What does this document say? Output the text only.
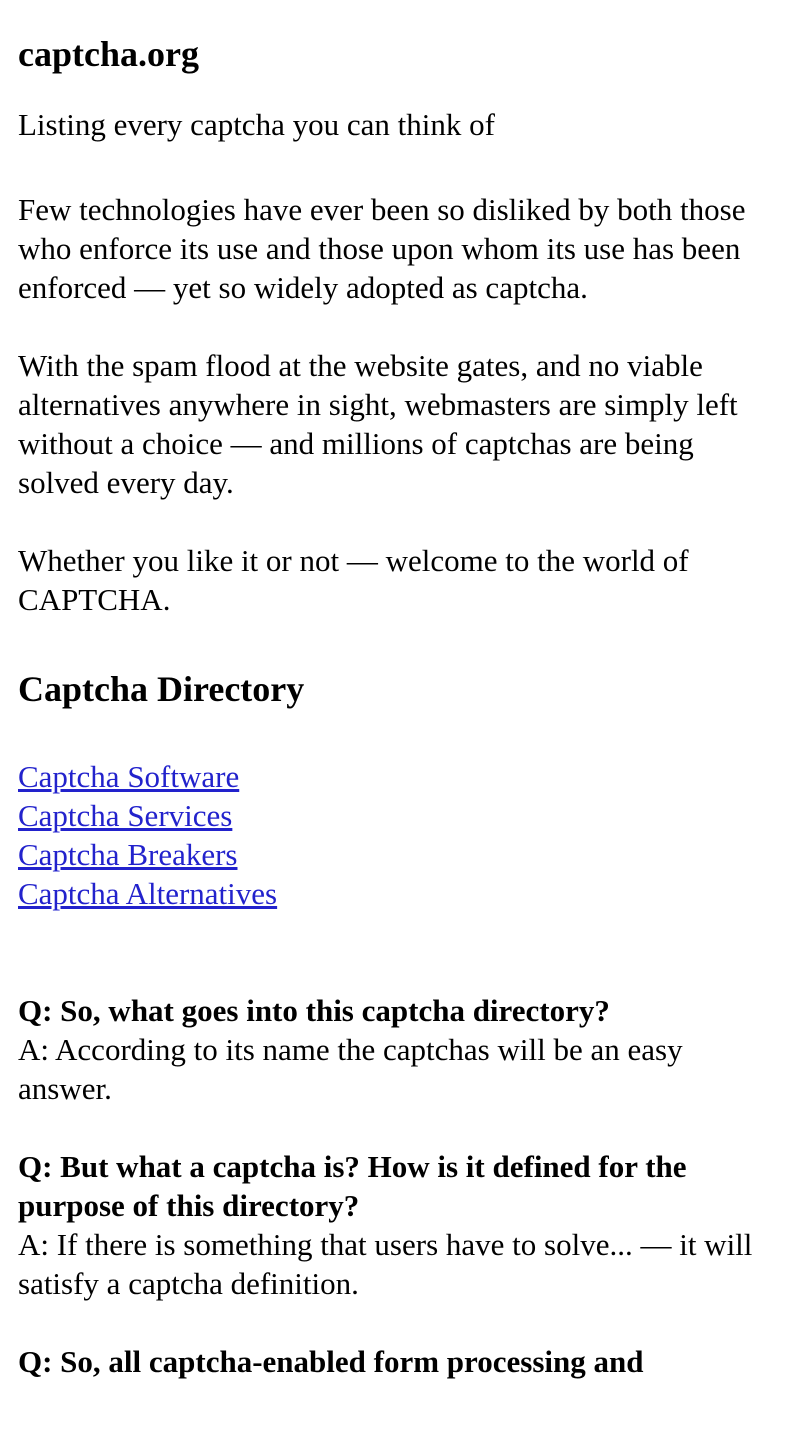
captcha.org
Listing every captcha you can think of

Few technologies have ever been so disliked by both those who enforce its use and those upon whom its use has been enforced — yet so widely adopted as captcha.

With the spam flood at the website gates, and no viable alternatives anywhere in sight, webmasters are simply left without a choice — and millions of captchas are being solved every day.

Whether you like it or not — welcome to the world of CAPTCHA.

Captcha Directory
Captcha Software
Captcha Services
Captcha Breakers
Captcha Alternatives
Q: So, what goes into this captcha directory?
A: According to its name the captchas will be an easy answer.
Q: But what a captcha is? How is it defined for the purpose of this directory?
A: If there is something that users have to solve... — it will satisfy a captcha definition.
Q: So, all captcha-enabled form processing and
